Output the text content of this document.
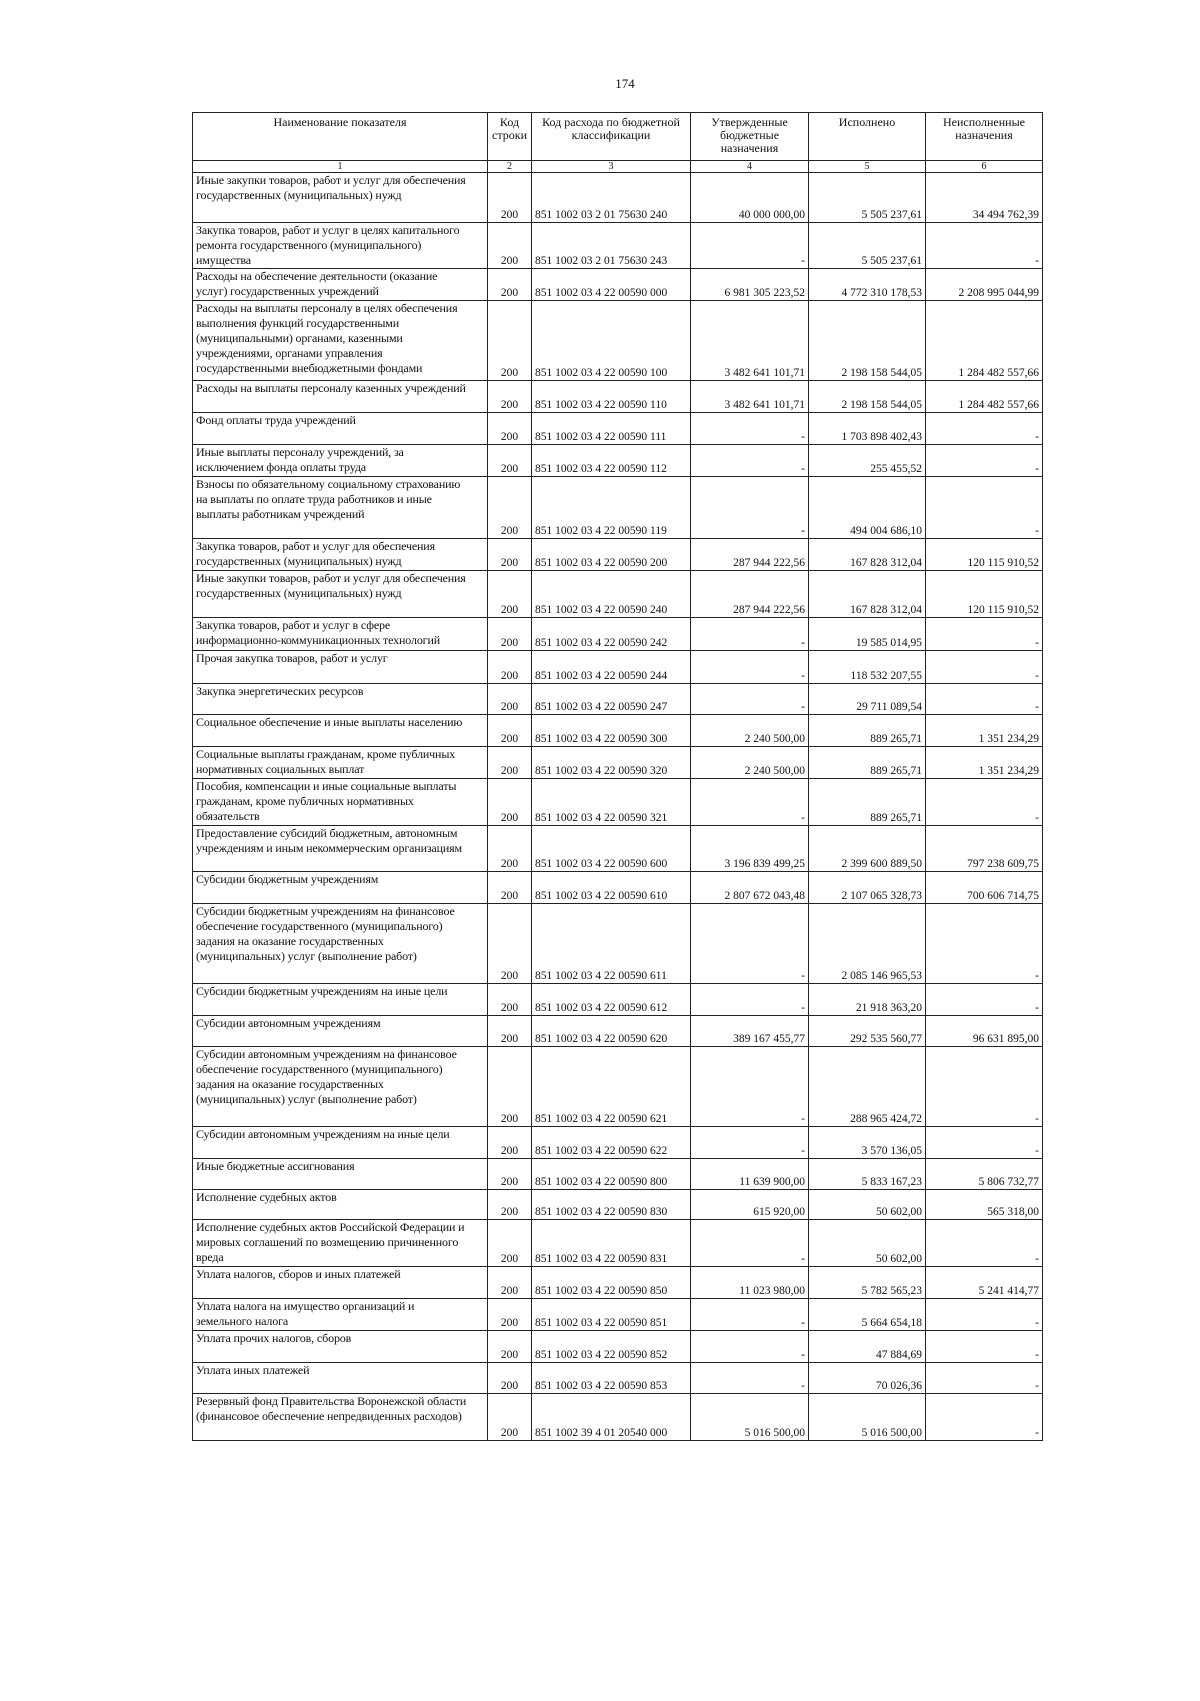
174
Наименование показателя	Код строки	Код расхода по бюджетной классификации	Утвержденные бюджетные назначения	Исполнено	Неисполненные назначения
1	2	3	4	5	6
Иные закупки товаров, работ и услуг для обеспечения
государственных (муниципальных) нужд	200	851 1002 03 2 01 75630 240	40 000 000,00	5 505 237,61	34 494 762,39
Закупка товаров, работ и услуг в целях капитального
ремонта государственного (муниципального)
имущества	200	851 1002 03 2 01 75630 243	-	5 505 237,61	-
Расходы на обеспечение деятельности (оказание
услуг) государственных учреждений	200	851 1002 03 4 22 00590 000	6 981 305 223,52	4 772 310 178,53	2 208 995 044,99
Расходы на выплаты персоналу в целях обеспечения
выполнения функций государственными
(муниципальными) органами, казенными
учреждениями, органами управления
государственными внебюджетными фондами	200	851 1002 03 4 22 00590 100	3 482 641 101,71	2 198 158 544,05	1 284 482 557,66
Расходы на выплаты персоналу казенных учреждений	200	851 1002 03 4 22 00590 110	3 482 641 101,71	2 198 158 544,05	1 284 482 557,66
Фонд оплаты труда учреждений	200	851 1002 03 4 22 00590 111	-	1 703 898 402,43	-
Иные выплаты персоналу учреждений, за
исключением фонда оплаты труда	200	851 1002 03 4 22 00590 112	-	255 455,52	-
Взносы по обязательному социальному страхованию
на выплаты по оплате труда работников и иные
выплаты работникам учреждений	200	851 1002 03 4 22 00590 119	-	494 004 686,10	-
Закупка товаров, работ и услуг для обеспечения
государственных (муниципальных) нужд	200	851 1002 03 4 22 00590 200	287 944 222,56	167 828 312,04	120 115 910,52
Иные закупки товаров, работ и услуг для обеспечения
государственных (муниципальных) нужд	200	851 1002 03 4 22 00590 240	287 944 222,56	167 828 312,04	120 115 910,52
Закупка товаров, работ и услуг в сфере
информационно-коммуникационных технологий	200	851 1002 03 4 22 00590 242	-	19 585 014,95	-
Прочая закупка товаров, работ и услуг	200	851 1002 03 4 22 00590 244	-	118 532 207,55	-
Закупка энергетических ресурсов	200	851 1002 03 4 22 00590 247	-	29 711 089,54	-
Социальное обеспечение и иные выплаты населению	200	851 1002 03 4 22 00590 300	2 240 500,00	889 265,71	1 351 234,29
Социальные выплаты гражданам, кроме публичных
нормативных социальных выплат	200	851 1002 03 4 22 00590 320	2 240 500,00	889 265,71	1 351 234,29
Пособия, компенсации и иные социальные выплаты
гражданам, кроме публичных нормативных
обязательств	200	851 1002 03 4 22 00590 321	-	889 265,71	-
Предоставление субсидий бюджетным, автономным
учреждениям и иным некоммерческим организациям	200	851 1002 03 4 22 00590 600	3 196 839 499,25	2 399 600 889,50	797 238 609,75
Субсидии бюджетным учреждениям	200	851 1002 03 4 22 00590 610	2 807 672 043,48	2 107 065 328,73	700 606 714,75
Субсидии бюджетным учреждениям на финансовое
обеспечение государственного (муниципального)
задания на оказание государственных
(муниципальных) услуг (выполнение работ)	200	851 1002 03 4 22 00590 611	-	2 085 146 965,53	-
Субсидии бюджетным учреждениям на иные цели	200	851 1002 03 4 22 00590 612	-	21 918 363,20	-
Субсидии автономным учреждениям	200	851 1002 03 4 22 00590 620	389 167 455,77	292 535 560,77	96 631 895,00
Субсидии автономным учреждениям на финансовое
обеспечение государственного (муниципального)
задания на оказание государственных
(муниципальных) услуг (выполнение работ)	200	851 1002 03 4 22 00590 621	-	288 965 424,72	-
Субсидии автономным учреждениям на иные цели	200	851 1002 03 4 22 00590 622	-	3 570 136,05	-
Иные бюджетные ассигнования	200	851 1002 03 4 22 00590 800	11 639 900,00	5 833 167,23	5 806 732,77
Исполнение судебных актов	200	851 1002 03 4 22 00590 830	615 920,00	50 602,00	565 318,00
Исполнение судебных актов Российской Федерации и
мировых соглашений по возмещению причиненного
вреда	200	851 1002 03 4 22 00590 831	-	50 602,00	-
Уплата налогов, сборов и иных платежей	200	851 1002 03 4 22 00590 850	11 023 980,00	5 782 565,23	5 241 414,77
Уплата налога на имущество организаций и
земельного налога	200	851 1002 03 4 22 00590 851	-	5 664 654,18	-
Уплата прочих налогов, сборов	200	851 1002 03 4 22 00590 852	-	47 884,69	-
Уплата иных платежей	200	851 1002 03 4 22 00590 853	-	70 026,36	-
Резервный фонд Правительства Воронежской области
(финансовое обеспечение непредвиденных расходов)	200	851 1002 39 4 01 20540 000	5 016 500,00	5 016 500,00	-
